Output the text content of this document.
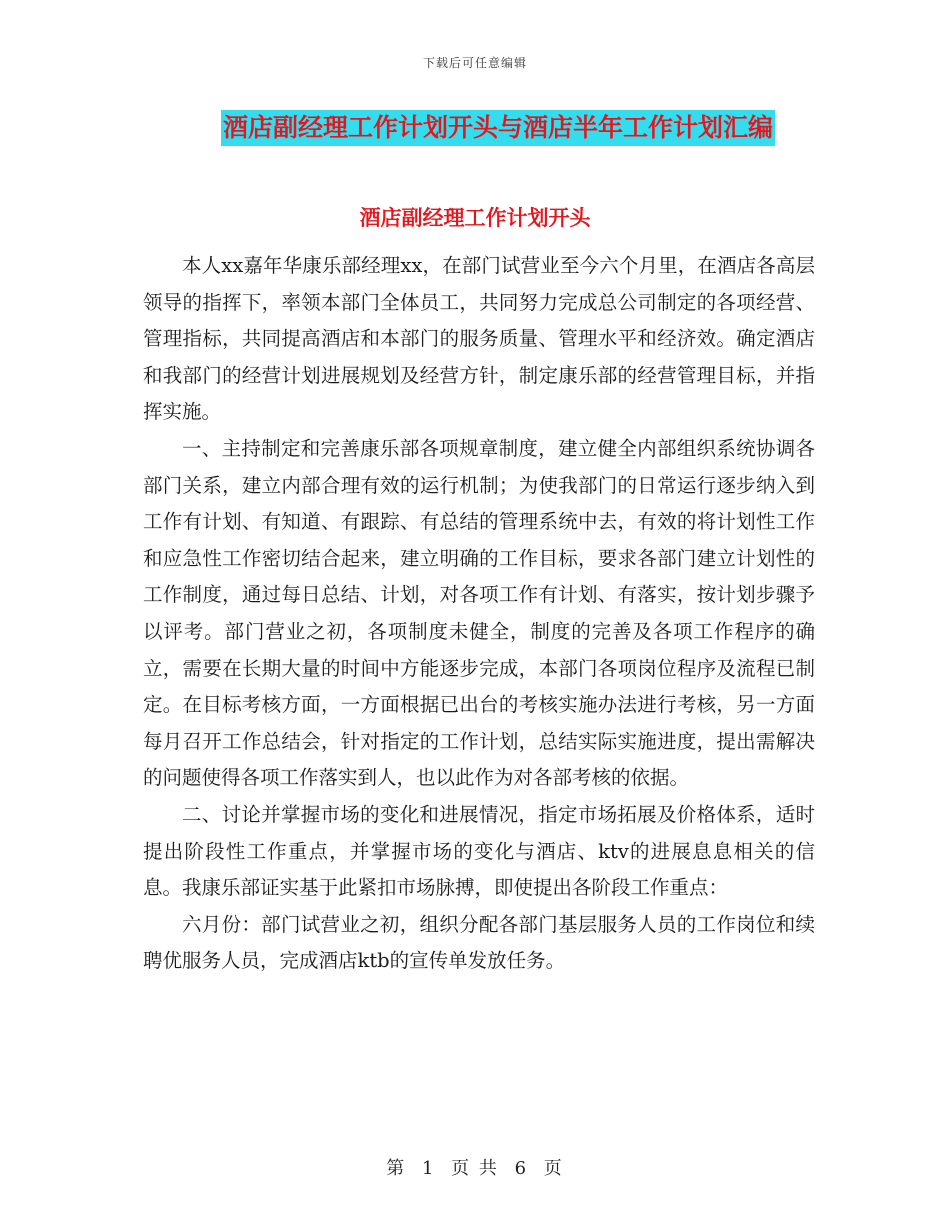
下载后可任意编辑
酒店副经理工作计划开头与酒店半年工作计划汇编
酒店副经理工作计划开头

本人xx嘉年华康乐部经理xx，在部门试营业至今六个月里，在酒店各高层领导的指挥下，率领本部门全体员工，共同努力完成总公司制定的各项经营、管理指标，共同提高酒店和本部门的服务质量、管理水平和经济效。确定酒店和我部门的经营计划进展规划及经营方针，制定康乐部的经营管理目标，并指挥实施。

一、主持制定和完善康乐部各项规章制度，建立健全内部组织系统协调各部门关系，建立内部合理有效的运行机制；为使我部门的日常运行逐步纳入到工作有计划、有知道、有跟踪、有总结的管理系统中去，有效的将计划性工作和应急性工作密切结合起来，建立明确的工作目标，要求各部门建立计划性的工作制度，通过每日总结、计划，对各项工作有计划、有落实，按计划步骤予以评考。部门营业之初，各项制度未健全，制度的完善及各项工作程序的确立，需要在长期大量的时间中方能逐步完成，本部门各项岗位程序及流程已制定。在目标考核方面，一方面根据已出台的考核实施办法进行考核，另一方面每月召开工作总结会，针对指定的工作计划，总结实际实施进度，提出需解决的问题使得各项工作落实到人，也以此作为对各部考核的依据。

二、讨论并掌握市场的变化和进展情况，指定市场拓展及价格体系，适时提出阶段性工作重点，并掌握市场的变化与酒店、ktv的进展息息相关的信息。我康乐部证实基于此紧扣市场脉搏，即使提出各阶段工作重点：

六月份：部门试营业之初，组织分配各部门基层服务人员的工作岗位和续聘优服务人员，完成酒店ktb的宣传单发放任务。

第 1 页 共 6 页
